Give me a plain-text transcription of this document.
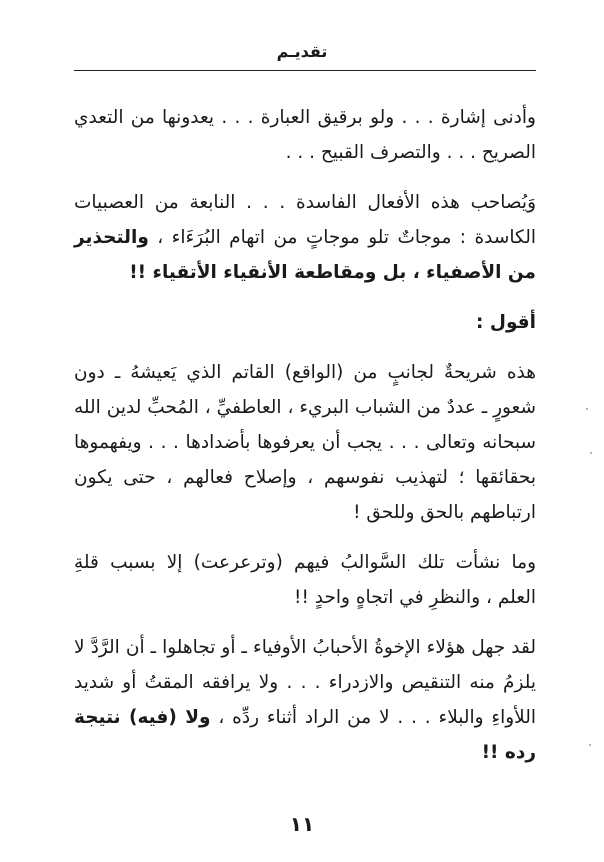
تقديـم

وأدنى إشارة . . . ولو برقيق العبارة . . . يعدونها من التعدي الصريح . . . والتصرف القبيح . . .

وَيُصاحب هذه الأفعال الفاسدة . . . النابعة من العصبيات الكاسدة : موجاتٌ تلو موجاتٍ من اتهام البُرَءَاء ، والتحذير من الأصفياء ، بل ومقاطعة الأنقياء الأتقياء !!

أقول :

هذه شريحةٌ لجانبٍ من (الواقع) القاتم الذي يَعيشهُ ـ دون شعورٍ ـ عددٌ من الشباب البريء ، العاطفيِّ ، المُحبِّ لدين الله سبحانه وتعالى . . . يجب أن يعرفوها بأضدادها . . . ويفهموها بحقائقها ؛ لتهذيب نفوسهم ، وإصلاح فعالهم ، حتى يكون ارتباطهم بالحق وللحق !

وما نشأت تلك السَّوالبُ فيهم (وترعرعت) إلا بسبب قلةِ العلم ، والنظرِ في اتجاهٍ واحدٍ !!

لقد جهل هؤلاء الإخوةُ الأحبابُ الأوفياء ـ أو تجاهلوا ـ أن الرَّدَّ لا يلزمُ منه التنقيص والازدراء . . . ولا يرافقه المقتُ أو شديد اللأواءِ والبلاء . . . لا من الراد أثناء ردِّه ، ولا (فيه) نتيجة رده !!

١١
